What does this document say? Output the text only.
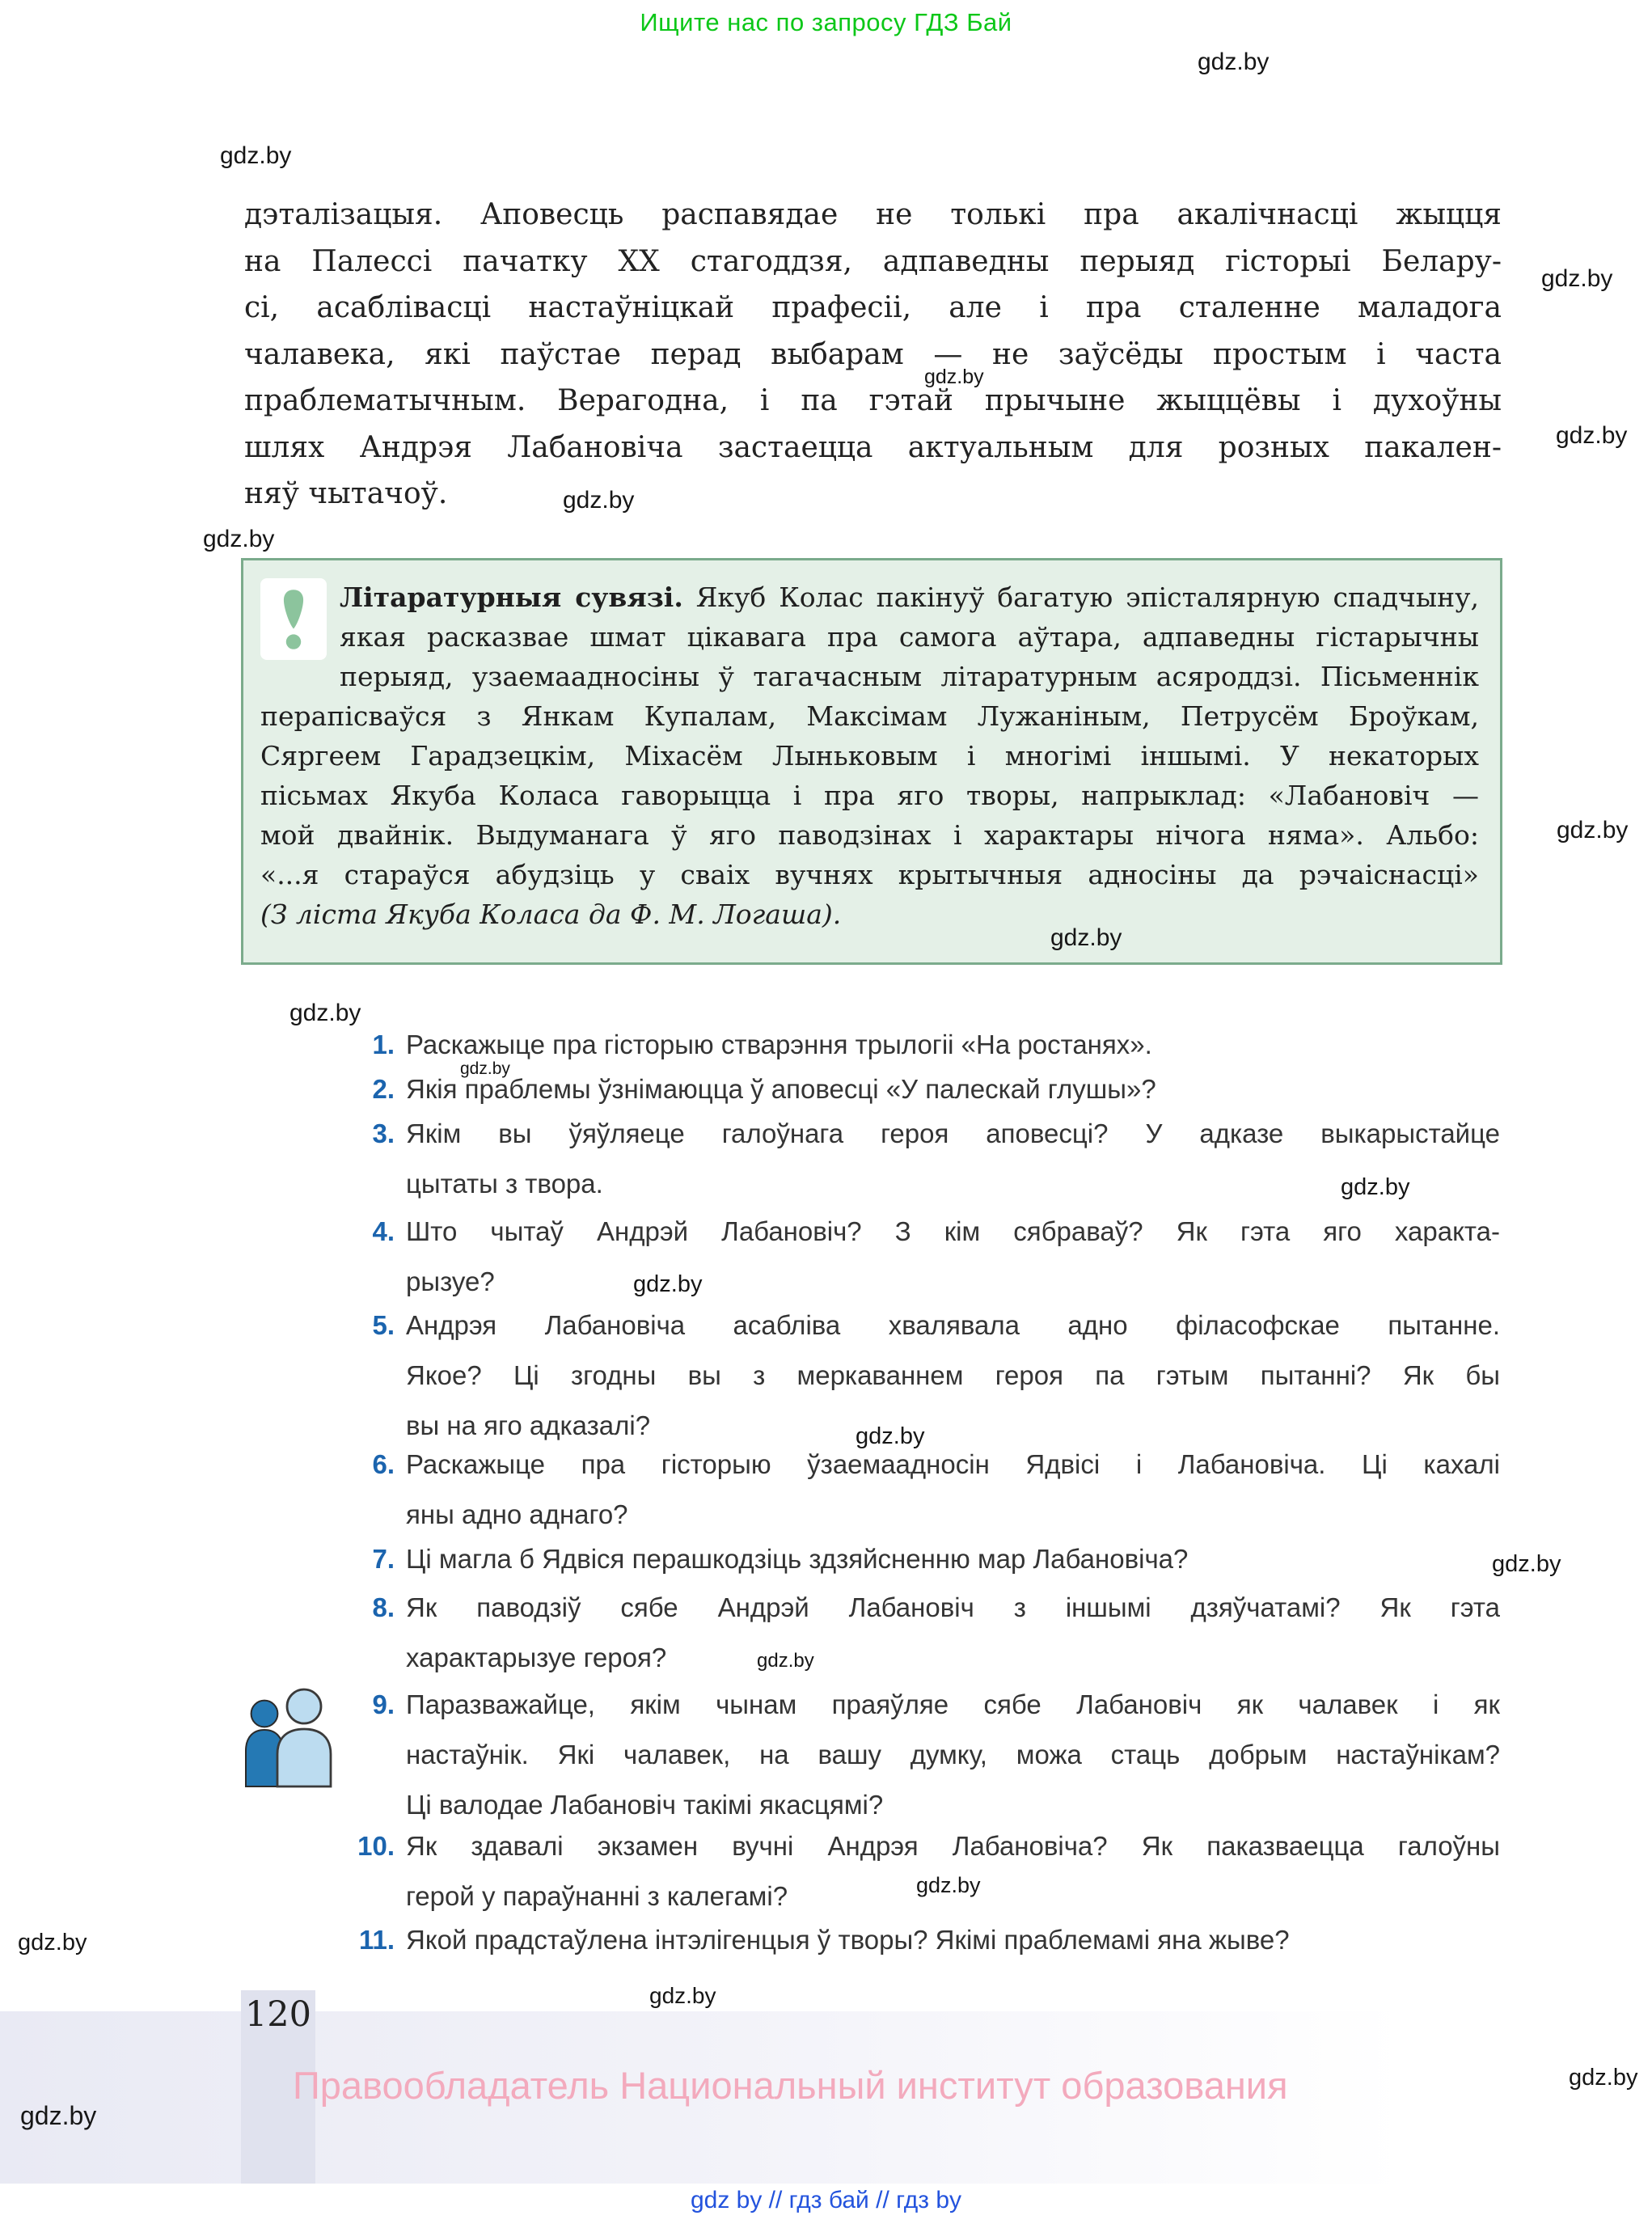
Ищите нас по запросу ГДЗ Бай
дэталізацыя. Аповесць распавядае не толькі пра акалічнасці жыцця
на Палессі пачатку XX стагоддзя, адпаведны перыяд гісторыі Белару-
сі, асаблівасці настаўніцкай прафесіі, але і пра сталенне маладога
чалавека, які паўстае перад выбарам — не заўсёды простым і часта
праблематычным. Верагодна, і па гэтай прычыне жыццёвы і духоўны
шлях Андрэя Лабановіча застаецца актуальным для розных пакален-
няў чытачоў.
Літаратурныя сувязі. Якуб Колас пакінуў багатую эпісталярную спадчыну,
якая расказвае шмат цікавага пра самога аўтара, адпаведны гістарычны
перыяд, узаемаадносіны ў тагачасным літаратурным асяроддзі. Пісьменнік
перапісваўся з Янкам Купалам, Максімам Лужаніным, Петрусём Броўкам,
Сяргеем Гарадзецкім, Міхасём Лыньковым і многімі іншымі. У некаторых
пісьмах Якуба Коласа гаворыцца і пра яго творы, напрыклад: «Лабановіч —
мой двайнік. Выдуманага ў яго паводзінах і характары нічога няма». Альбо:
«...я стараўся абудзіць у сваіх вучнях крытычныя адносіны да рэчаіснасці»
(З ліста Якуба Коласа да Ф. М. Логаша).
1. Раскажыце пра гісторыю стварэння трылогіі «На ростанях».
2. Якія праблемы ўзнімаюцца ў аповесці «У палескай глушы»?
3. Якім вы ўяўляеце галоўнага героя аповесці? У адказе выкарыстайце
цытаты з твора.
4. Што чытаў Андрэй Лабановіч? З кім сябраваў? Як гэта яго характа-
рызуе?
5. Андрэя Лабановіча асабліва хвалявала адно філасофскае пытанне.
Якое? Ці згодны вы з меркаваннем героя па гэтым пытанні? Як бы
вы на яго адказалі?
6. Раскажыце пра гісторыю ўзаемаадносін Ядвісі і Лабановіча. Ці кахалі
яны адно аднаго?
7. Ці магла б Ядвіся перашкодзіць здзяйсненню мар Лабановіча?
8. Як паводзіў сябе Андрэй Лабановіч з іншымі дзяўчатамі? Як гэта
характарызуе героя?
9. Паразважайце, якім чынам праяўляе сябе Лабановіч як чалавек і як
настаўнік. Які чалавек, на вашу думку, можа стаць добрым настаўнікам?
Ці валодае Лабановіч такімі якасцямі?
10. Як здавалі экзамен вучні Андрэя Лабановіча? Як паказваецца галоўны
герой у параўнанні з калегамі?
11. Якой прадстаўлена інтэлігенцыя ў творы? Якімі праблемамі яна жыве?
120
Правообладатель Национальный институт образования
gdz by // гдз бай // гдз by
gdz.by
gdz.by
gdz.by
gdz.by
gdz.by
gdz.by
gdz.by
gdz.by
gdz.by
gdz.by
gdz.by
gdz.by
gdz.by
gdz.by
gdz.by
gdz.by
gdz.by
gdz.by
gdz.by
gdz.by
gdz.by
